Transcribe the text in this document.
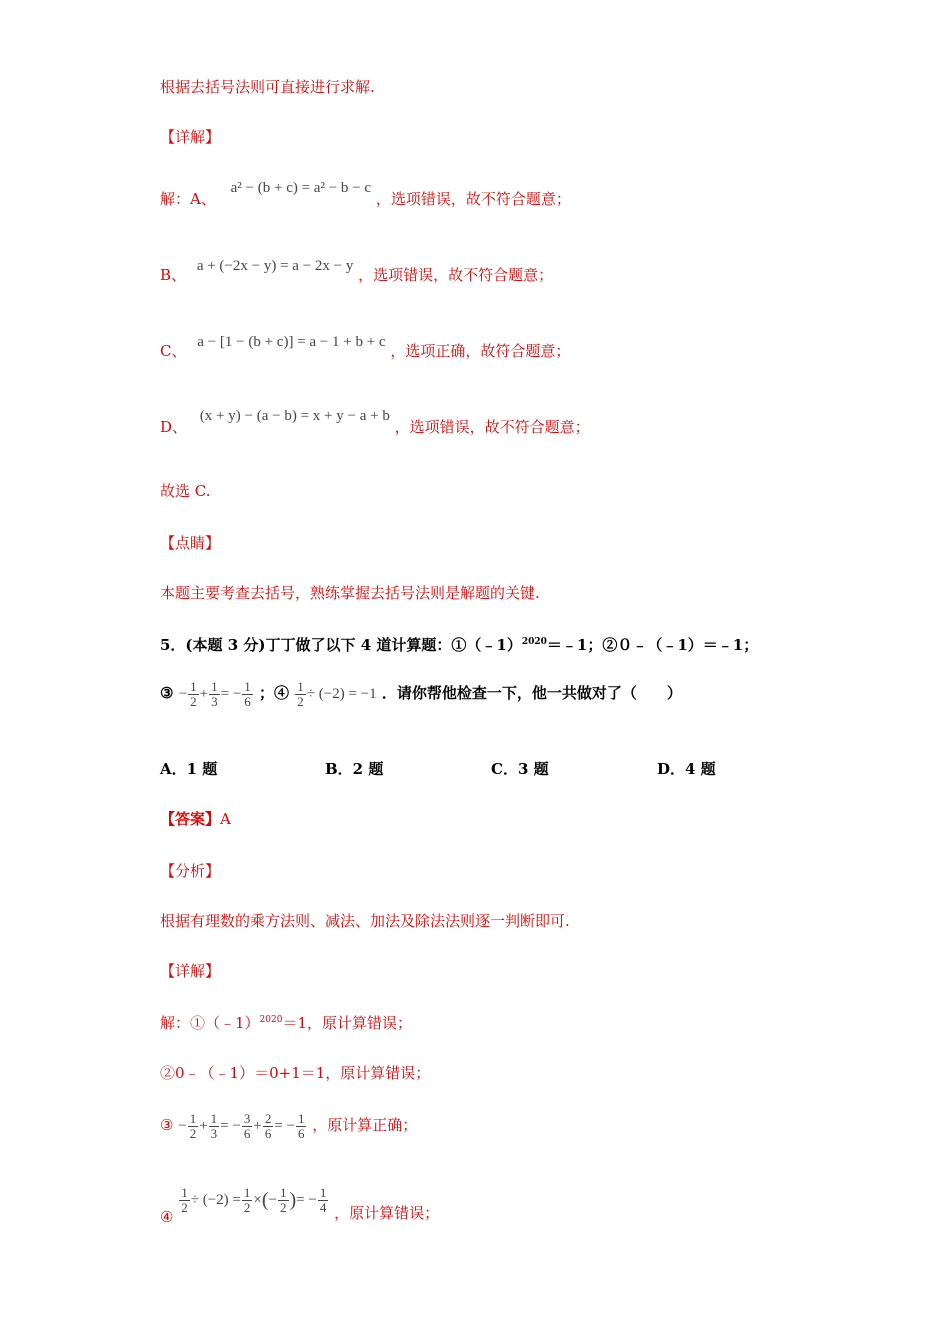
根据去括号法则可直接进行求解.
【详解】
解：A、 a² − (b + c) = a² − b − c ，选项错误，故不符合题意；
B、 a + (−2x − y) = a − 2x − y ，选项错误，故不符合题意；
C、 a − [1 − (b + c)] = a − 1 + b + c ，选项正确，故符合题意；
D、 (x + y) − (a − b) = x + y − a + b ，选项错误，故不符合题意；
故选 C.
【点睛】
本题主要考查去括号，熟练掌握去括号法则是解题的关键.
5．(本题 3 分)丁丁做了以下 4 道计算题：①（﹣1）$^{2020}$＝﹣1；②０﹣（﹣1）＝﹣1；
③ − $\frac{1}{2} + \frac{1}{3}$ = − $\frac{1}{6}$ ；④ $\frac{1}{2} \div (-2) = -1$ ．请你帮他检查一下，他一共做对了（　　）
A．1 题	B．2 题	C．3 题	D．4 题
【答案】A
【分析】
根据有理数的乘方法则、减法、加法及除法法则逐一判断即可.
【详解】
解：①（﹣1）$^{2020}$＝1，原计算错误；
②0﹣（﹣1）＝0+1＝1，原计算错误；
③ − $\frac{1}{2} + \frac{1}{3}$ = − $\frac{3}{6} + \frac{2}{6}$ = − $\frac{1}{6}$ ，原计算正确；
④
$\frac{1}{2} \div (-2) = \frac{1}{2}$ ×(− $\frac{1}{2}$ )= − $\frac{1}{4}$ ，原计算错误；
